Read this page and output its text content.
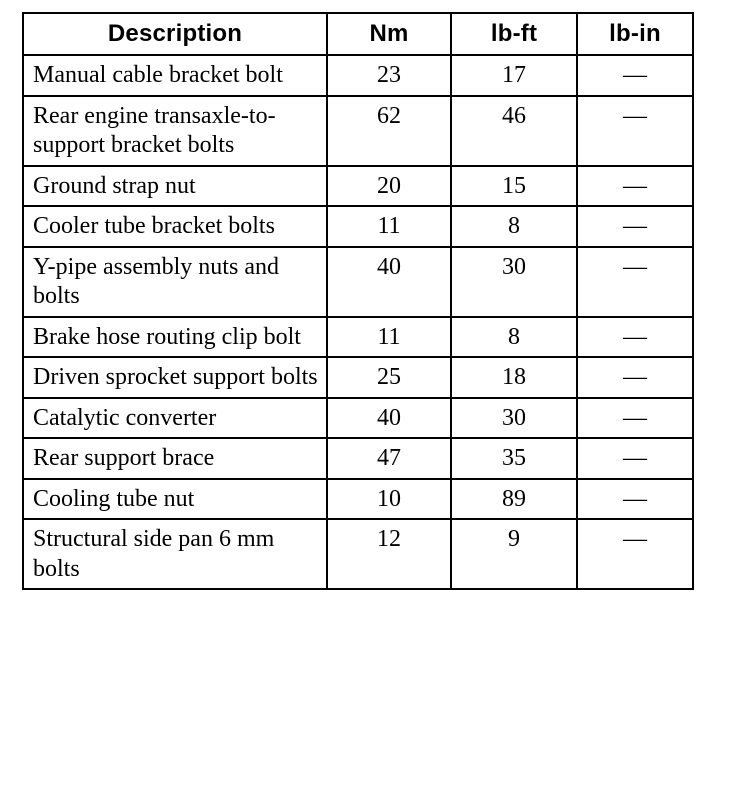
Description	Nm	lb-ft	lb-in
Manual cable bracket bolt	23	17	—
Rear engine transaxle-to-support bracket bolts	62	46	—
Ground strap nut	20	15	—
Cooler tube bracket bolts	11	8	—
Y-pipe assembly nuts and bolts	40	30	—
Brake hose routing clip bolt	11	8	—
Driven sprocket support bolts	25	18	—
Catalytic converter	40	30	—
Rear support brace	47	35	—
Cooling tube nut	10	89	—
Structural side pan 6 mm bolts	12	9	—
